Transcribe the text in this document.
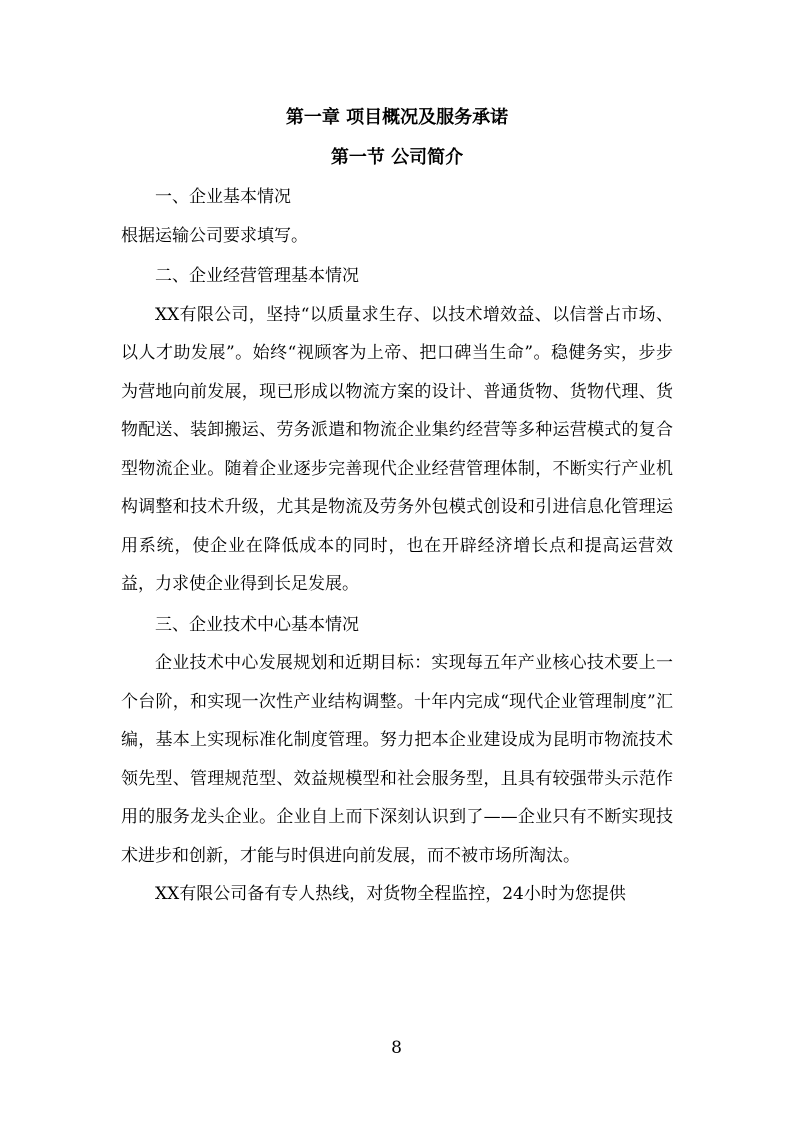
第一章 项目概况及服务承诺
第一节 公司简介

一、企业基本情况

根据运输公司要求填写。

二、企业经营管理基本情况

XX有限公司，坚持“以质量求生存、以技术增效益、以信誉占市场、以人才助发展”。始终“视顾客为上帝、把口碑当生命”。稳健务实，步步为营地向前发展，现已形成以物流方案的设计、普通货物、货物代理、货物配送、装卸搬运、劳务派遣和物流企业集约经营等多种运营模式的复合型物流企业。随着企业逐步完善现代企业经营管理体制，不断实行产业机构调整和技术升级，尤其是物流及劳务外包模式创设和引进信息化管理运用系统，使企业在降低成本的同时，也在开辟经济增长点和提高运营效益，力求使企业得到长足发展。

三、企业技术中心基本情况

企业技术中心发展规划和近期目标：实现每五年产业核心技术要上一个台阶，和实现一次性产业结构调整。十年内完成“现代企业管理制度”汇编，基本上实现标准化制度管理。努力把本企业建设成为昆明市物流技术领先型、管理规范型、效益规模型和社会服务型，且具有较强带头示范作用的服务龙头企业。企业自上而下深刻认识到了——企业只有不断实现技术进步和创新，才能与时俱进向前发展，而不被市场所淘汰。

XX有限公司备有专人热线，对货物全程监控，24小时为您提供

8
